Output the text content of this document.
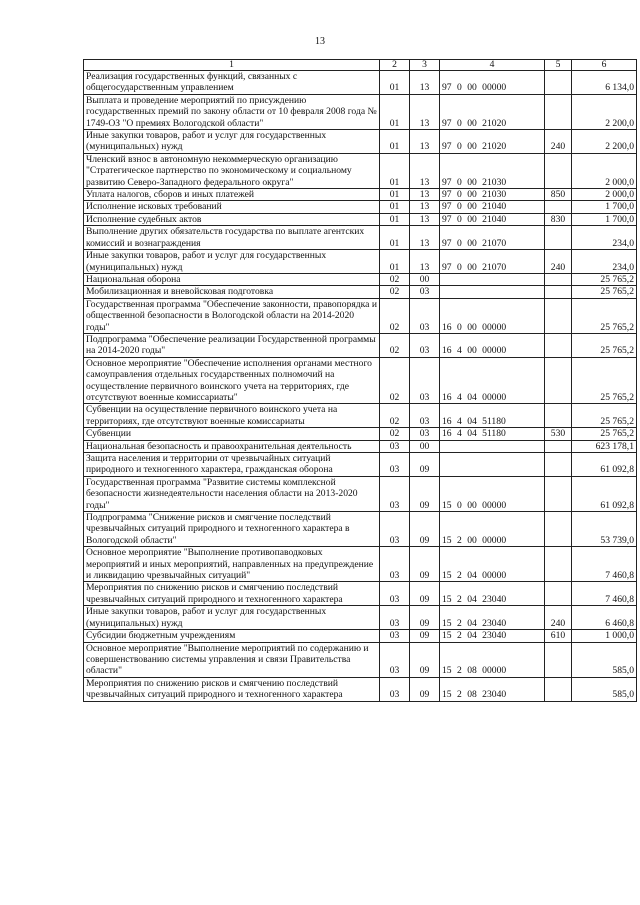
13
1	2	3	4	5	6
Реализация государственных функций, связанных с общегосударственным управлением	01	13	97 0 00 00000		6 134,0
Выплата и проведение мероприятий по присуждению государственных премий по закону области от 10 февраля 2008 года № 1749-ОЗ "О премиях Вологодской области"	01	13	97 0 00 21020		2 200,0
Иные закупки товаров, работ и услуг для государственных (муниципальных) нужд	01	13	97 0 00 21020	240	2 200,0
Членский взнос в автономную некоммерческую организацию "Стратегическое партнерство по экономическому и социальному развитию Северо-Западного федерального округа"	01	13	97 0 00 21030		2 000,0
Уплата налогов, сборов и иных платежей	01	13	97 0 00 21030	850	2 000,0
Исполнение исковых требований	01	13	97 0 00 21040		1 700,0
Исполнение судебных актов	01	13	97 0 00 21040	830	1 700,0
Выполнение других обязательств государства по выплате агентских комиссий и вознаграждения	01	13	97 0 00 21070		234,0
Иные закупки товаров, работ и услуг для государственных (муниципальных) нужд	01	13	97 0 00 21070	240	234,0
Национальная оборона	02	00			25 765,2
Мобилизационная и вневойсковая подготовка	02	03			25 765,2
Государственная программа "Обеспечение законности, правопорядка и общественной безопасности в Вологодской области на 2014-2020 годы"	02	03	16 0 00 00000		25 765,2
Подпрограмма "Обеспечение реализации Государственной программы на 2014-2020 годы"	02	03	16 4 00 00000		25 765,2
Основное мероприятие "Обеспечение исполнения органами местного самоуправления отдельных государственных полномочий на осуществление первичного воинского учета на территориях, где отсутствуют военные комиссариаты"	02	03	16 4 04 00000		25 765,2
Субвенции на осуществление первичного воинского учета на территориях, где отсутствуют военные комиссариаты	02	03	16 4 04 51180		25 765,2
Субвенции	02	03	16 4 04 51180	530	25 765,2
Национальная безопасность и правоохранительная деятельность	03	00			623 178,1
Защита населения и территории от чрезвычайных ситуаций природного и техногенного характера, гражданская оборона	03	09			61 092,8
Государственная программа "Развитие системы комплексной безопасности жизнедеятельности населения области на 2013-2020 годы"	03	09	15 0 00 00000		61 092,8
Подпрограмма "Снижение рисков и смягчение последствий чрезвычайных ситуаций природного и техногенного характера в Вологодской области"	03	09	15 2 00 00000		53 739,0
Основное мероприятие "Выполнение противопаводковых мероприятий и иных мероприятий, направленных на предупреждение и ликвидацию чрезвычайных ситуаций"	03	09	15 2 04 00000		7 460,8
Мероприятия по снижению рисков и смягчению последствий чрезвычайных ситуаций природного и техногенного характера	03	09	15 2 04 23040		7 460,8
Иные закупки товаров, работ и услуг для государственных (муниципальных) нужд	03	09	15 2 04 23040	240	6 460,8
Субсидии бюджетным учреждениям	03	09	15 2 04 23040	610	1 000,0
Основное мероприятие "Выполнение мероприятий по содержанию и совершенствованию системы управления и связи Правительства области"	03	09	15 2 08 00000		585,0
Мероприятия по снижению рисков и смягчению последствий чрезвычайных ситуаций природного и техногенного характера	03	09	15 2 08 23040		585,0
